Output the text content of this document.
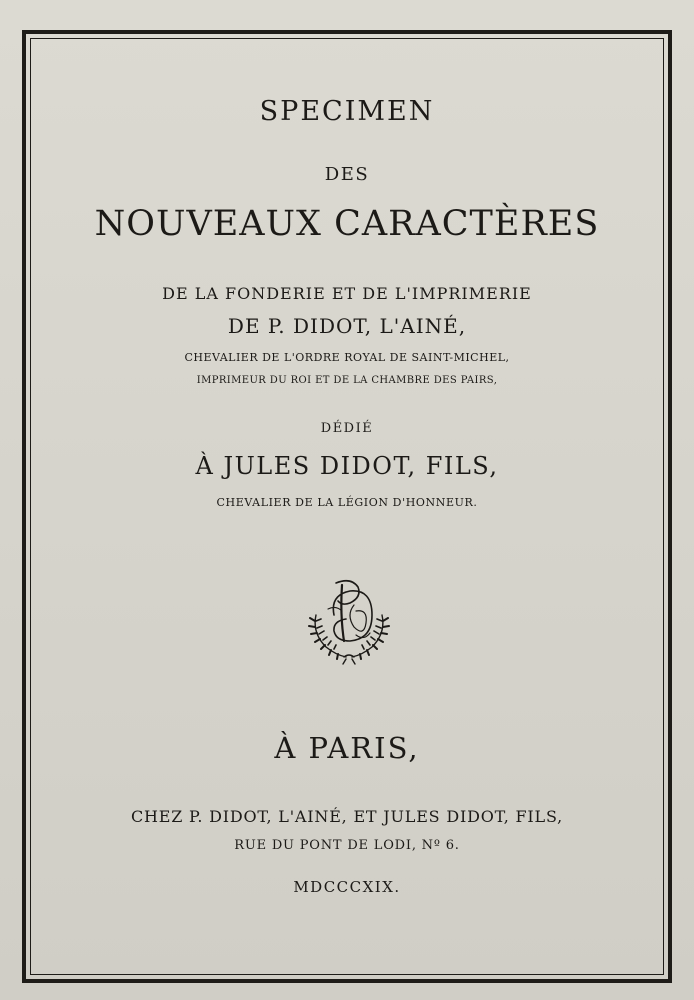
SPECIMEN

DES

NOUVEAUX CARACTÈRES

DE LA FONDERIE ET DE L'IMPRIMERIE

DE P. DIDOT, L'AINÉ,

CHEVALIER DE L'ORDRE ROYAL DE SAINT-MICHEL,

IMPRIMEUR DU ROI ET DE LA CHAMBRE DES PAIRS,

DÉDIÉ

À JULES DIDOT, FILS,

CHEVALIER DE LA LÉGION D'HONNEUR.

À PARIS,

CHEZ P. DIDOT, L'AINÉ, ET JULES DIDOT, FILS,

RUE DU PONT DE LODI, Nº 6.

MDCCCXIX.
